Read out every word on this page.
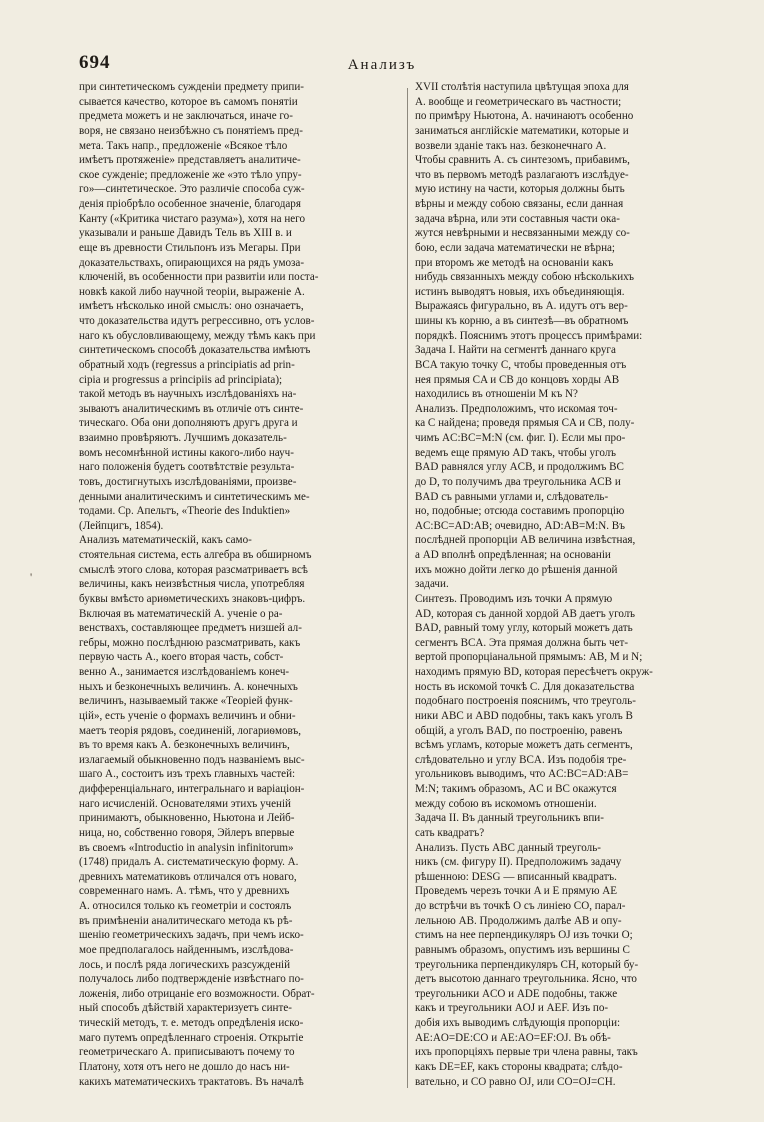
694	Анализъ
'
при синтетическомъ сужденіи предмету припи-
сывается качество, которое въ самомъ понятіи
предмета можетъ и не заключаться, иначе го-
воря, не связано неизбѣжно съ понятіемъ пред-
мета. Такъ напр., предложеніе «Всякое тѣло
имѣетъ протяженіе» представляетъ аналитиче-
ское сужденіе; предложеніе же «это тѣло упру-
го»—синтетическое. Это различіе способа суж-
денія пріобрѣло особенное значеніе, благодаря
Канту («Критика чистаго разума»), хотя на него
указывали и раньше Давидъ Тель въ XIII в. и
еще въ древности Стильпонъ изъ Мегары. При
доказательствахъ, опирающихся на рядъ умоза-
ключеній, въ особенности при развитіи или поста-
новкѣ какой либо научной теоріи, выраженіе А.
имѣетъ нѣсколько иной смыслъ: оно означаетъ,
что доказательства идутъ регрессивно, отъ услов-
наго къ обусловливающему, между тѣмъ какъ при
синтетическомъ способѣ доказательства имѣютъ
обратный ходъ (regressus a principiatis ad prin-
cipia и progressus a principiis ad principiata);
такой методъ въ научныхъ изслѣдованіяхъ на-
зываютъ аналитическимъ въ отличіе отъ синте-
тическаго. Оба они дополняютъ другъ друга и
взаимно провѣряютъ. Лучшимъ доказатель-
вомъ несомнѣнной истины какого-либо науч-
наго положенія будетъ соотвѣтствіе результа-
товъ, достигнутыхъ изслѣдованіями, произве-
денными аналитическимъ и синтетическимъ ме-
тодами. Ср. Апельтъ, «Theorie des Induktien»
(Лейпцигъ, 1854).
Анализъ математическій, какъ само-
стоятельная система, есть алгебра въ обширномъ
смыслѣ этого слова, которая разсматриваетъ всѣ
величины, какъ неизвѣстныя числа, употребляя
буквы вмѣсто ариѳметическихъ знаковъ-цифръ.
Включая въ математическій А. ученіе о ра-
венствахъ, составляющее предметъ низшей ал-
гебры, можно послѣднюю разсматривать, какъ
первую часть А., коего вторая часть, собст-
венно А., занимается изслѣдованіемъ конеч-
ныхъ и безконечныхъ величинъ. А. конечныхъ
величинъ, называемый также «Теоріей функ-
цій», есть ученіе о формахъ величинъ и обни-
маетъ теорія рядовъ, соединеній, логариѳмовъ,
въ то время какъ А. безконечныхъ величинъ,
излагаемый обыкновенно подъ названіемъ выс-
шаго А., состоитъ изъ трехъ главныхъ частей:
дифференціальнаго, интегральнаго и варіаціон-
наго исчисленій. Основателями этихъ ученій
принимаютъ, обыкновенно, Ньютона и Лейб-
ница, но, собственно говоря, Эйлеръ впервые
въ своемъ «Introductio in analysin infinitorum»
(1748) придалъ А. систематическую форму. А.
древнихъ математиковъ отличался отъ новаго,
современнаго намъ. А. тѣмъ, что у древнихъ
А. относился только къ геометріи и состоялъ
въ примѣненіи аналитическаго метода къ рѣ-
шенію геометрическихъ задачъ, при чемъ иско-
мое предполагалось найденнымъ, изслѣдова-
лось, и послѣ ряда логическихъ разсужденій
получалось либо подтвержденіе извѣстнаго по-
ложенія, либо отрицаніе его возможности. Обрат-
ный способъ дѣйствій характеризуетъ синте-
тическій методъ, т. е. методъ опредѣленія иско-
маго путемъ опредѣленнаго строенія. Открытіе
геометрическаго А. приписываютъ почему то
Платону, хотя отъ него не дошло до насъ ни-
какихъ математическихъ трактатовъ. Въ началѣ
XVII столѣтія наступила цвѣтущая эпоха для
А. вообще и геометрическаго въ частности;
по примѣру Ньютона, А. начинаютъ особенно
заниматься англійскіе математики, которые и
возвели зданіе такъ наз. безконечнаго А.
Чтобы сравнить А. съ синтезомъ, прибавимъ,
что въ первомъ методѣ разлагаютъ изслѣдуе-
мую истину на части, которыя должны быть
вѣрны и между собою связаны, если данная
задача вѣрна, или эти составныя части ока-
жутся невѣрными и несвязанными между со-
бою, если задача математически не вѣрна;
при второмъ же методѣ на основаніи какъ
нибудь связанныхъ между собою нѣсколькихъ
истинъ выводятъ новыя, ихъ объединяющія.
Выражаясь фигурально, въ А. идутъ отъ вер-
шины къ корню, а въ синтезѣ—въ обратномъ
порядкѣ. Пояснимъ этотъ процессъ примѣрами:
Задача I. Найти на сегментѣ даннаго круга
BCA такую точку C, чтобы проведенныя отъ
нея прямыя CA и CB до концовъ хорды AB
находились въ отношеніи M къ N?
Анализъ. Предположимъ, что искомая точ-
ка C найдена; проведя прямыя CA и CB, полу-
чимъ AC:BC=M:N (см. фиг. I). Если мы про-
ведемъ еще прямую AD такъ, чтобы уголъ
BAD равнялся углу ACB, и продолжимъ BC
до D, то получимъ два треугольника ACB и
BAD съ равными углами и, слѣдователь-
но, подобные; отсюда составимъ пропорцію
AC:BC=AD:AB; очевидно, AD:AB=M:N. Въ
послѣдней пропорціи AB величина извѣстная,
а AD вполнѣ опредѣленная; на основаніи
ихъ можно дойти легко до рѣшенія данной
задачи.
Синтезъ. Проводимъ изъ точки A прямую
AD, которая съ данной хордой AB даетъ уголъ
BAD, равный тому углу, который можетъ дать
сегментъ BCA. Эта прямая должна быть чет-
вертой пропорціанальной прямымъ: AB, M и N;
находимъ прямую BD, которая пересѣчетъ окруж-
ность въ искомой точкѣ C. Для доказательства
подобнаго построенія пояснимъ, что треуголь-
ники ABC и ABD подобны, такъ какъ уголъ B
общій, а уголъ BAD, по построенію, равенъ
всѣмъ угламъ, которые можетъ дать сегментъ,
слѣдовательно и углу BCA. Изъ подобія тре-
угольниковъ выводимъ, что AC:BC=AD:AB=
M:N; такимъ образомъ, AC и BC окажутся
между собою въ искомомъ отношеніи.
Задача II. Въ данный треугольникъ впи-
сать квадратъ?
Анализъ. Пусть ABC данный треуголь-
никъ (см. фигуру II). Предположимъ задачу
рѣшенною: DESG — вписанный квадратъ.
Проведемъ черезъ точки A и E прямую AE
до встрѣчи въ точкѣ O съ линіею CO, парал-
лельною AB. Продолжимъ далѣе AB и опу-
стимъ на нее перпендикуляръ OJ изъ точки O;
равнымъ образомъ, опустимъ изъ вершины C
треугольника перпендикуляръ CH, который бу-
детъ высотою даннаго треугольника. Ясно, что
треугольники ACO и ADE подобны, также
какъ и треугольники AOJ и AEF. Изъ по-
добія ихъ выводимъ слѣдующія пропорціи:
AE:AO=DE:CO и AE:AO=EF:OJ. Въ обѣ-
ихъ пропорціяхъ первые три члена равны, такъ
какъ DE=EF, какъ стороны квадрата; слѣдо-
вательно, и CO равно OJ, или CO=OJ=CH.
